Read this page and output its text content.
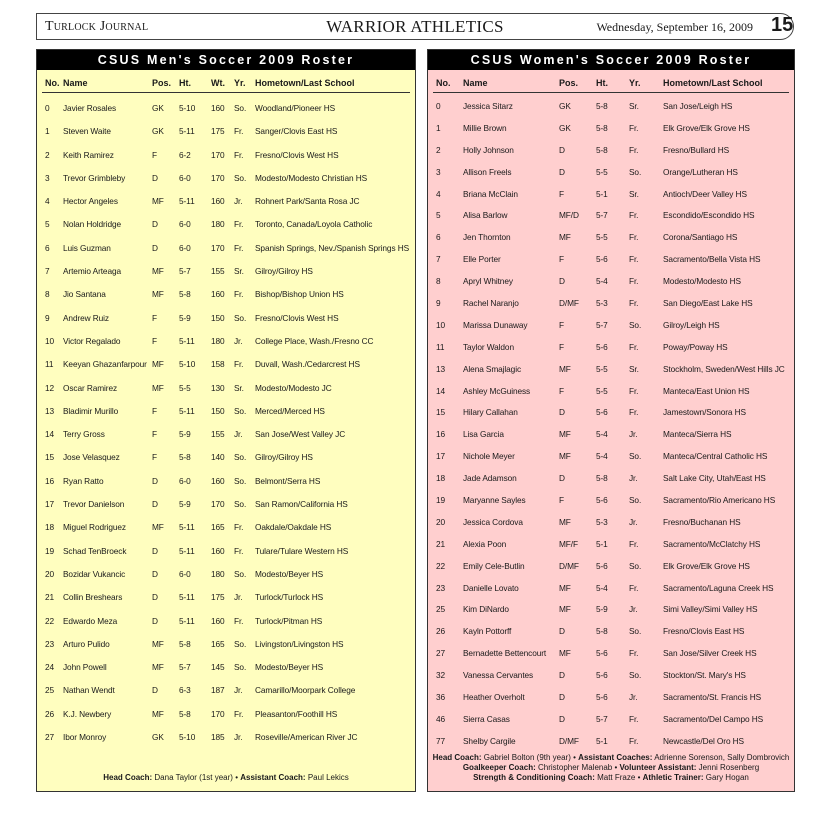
Turlock Journal	WARRIOR ATHLETICS	Wednesday, September 16, 2009 15
CSUS Men's Soccer 2009 Roster
No. Name	Pos. Ht. Wt. Yr. Hometown/Last School
0 Javier Rosales	GK 5-10 160 So. Woodland/Pioneer HS
1 Steven Waite	GK 5-11 175 Fr. Sanger/Clovis East HS
2 Keith Ramirez	F	6-2 170 Fr. Fresno/Clovis West HS
3 Trevor Grimbleby	D	6-0 170 So. Modesto/Modesto Christian HS
4 Hector Angeles	MF 5-11 160 Jr. Rohnert Park/Santa Rosa JC
5 Nolan Holdridge	D	6-0 180 Fr. Toronto, Canada/Loyola Catholic
6 Luis Guzman	D	6-0 170 Fr. Spanish Springs, Nev./Spanish Springs HS
7 Artemio Arteaga	MF 5-7 155 Sr. Gilroy/Gilroy HS
8 Jio Santana	MF 5-8 160 Fr. Bishop/Bishop Union HS
9 Andrew Ruiz	F	5-9 150 So. Fresno/Clovis West HS
10 Victor Regalado	F	5-11 180 Jr. College Place, Wash./Fresno CC
11 Keeyan Ghazanfarpour MF 5-10 158 Fr. Duvall, Wash./Cedarcrest HS
12 Oscar Ramirez	MF 5-5 130 Sr. Modesto/Modesto JC
13 Bladimir Murillo	F	5-11 150 So. Merced/Merced HS
14 Terry Gross	F	5-9 155 Jr. San Jose/West Valley JC
15 Jose Velasquez	F	5-8 140 So. Gilroy/Gilroy HS
16 Ryan Ratto	D	6-0 160 So. Belmont/Serra HS
17 Trevor Danielson	D	5-9 170 So. San Ramon/California HS
18 Miguel Rodriguez	MF 5-11 165 Fr. Oakdale/Oakdale HS
19 Schad TenBroeck	D	5-11 160 Fr. Tulare/Tulare Western HS
20 Bozidar Vukancic	D	6-0 180 So. Modesto/Beyer HS
21 Collin Breshears	D	5-11 175 Jr. Turlock/Turlock HS
22 Edwardo Meza	D	5-11 160 Fr. Turlock/Pitman HS
23 Arturo Pulido	MF 5-8 165 So. Livingston/Livingston HS
24 John Powell	MF 5-7 145 So. Modesto/Beyer HS
25 Nathan Wendt	D	6-3 187 Jr. Camarillo/Moorpark College
26 K.J. Newbery	MF 5-8 170 Fr. Pleasanton/Foothill HS
27 Ibor Monroy	GK 5-10 185 Jr. Roseville/American River JC
Head Coach: Dana Taylor (1st year) • Assistant Coach: Paul Lekics
CSUS Women's Soccer 2009 Roster
No. Name	Pos. Ht. Yr. Hometown/Last School
0	Jessica Sitarz	GK	5-8	Sr.	San Jose/Leigh HS
1	Millie Brown	GK	5-8	Fr.	Elk Grove/Elk Grove HS
2	Holly Johnson	D	5-8	Fr.	Fresno/Bullard HS
3	Allison Freels	D	5-5	So.	Orange/Lutheran HS
4	Briana McClain	F	5-1	Sr.	Antioch/Deer Valley HS
5	Alisa Barlow	MF/D 5-7	Fr.	Escondido/Escondido HS
6	Jen Thornton	MF	5-5	Fr.	Corona/Santiago HS
7	Elle Porter	F	5-6	Fr.	Sacramento/Bella Vista HS
8	Apryl Whitney	D	5-4	Fr.	Modesto/Modesto HS
9	Rachel Naranjo	D/MF 5-3	Fr.	San Diego/East Lake HS
10 Marissa Dunaway	F	5-7	So.	Gilroy/Leigh HS
11 Taylor Waldon	F	5-6	Fr.	Poway/Poway HS
13 Alena Smajlagic	MF	5-5	Sr.	Stockholm, Sweden/West Hills JC
14 Ashley McGuiness	F	5-5	Fr.	Manteca/East Union HS
15 Hilary Callahan	D	5-6	Fr.	Jamestown/Sonora HS
16 Lisa Garcia	MF	5-4	Jr.	Manteca/Sierra HS
17 Nichole Meyer	MF	5-4	So.	Manteca/Central Catholic HS
18 Jade Adamson	D	5-8	Jr.	Salt Lake City, Utah/East HS
19 Maryanne Sayles	F	5-6	So.	Sacramento/Rio Americano HS
20 Jessica Cordova	MF	5-3	Jr.	Fresno/Buchanan HS
21 Alexia Poon	MF/F 5-1	Fr.	Sacramento/McClatchy HS
22 Emily Cele-Butlin	D/MF 5-6	So.	Elk Grove/Elk Grove HS
23 Danielle Lovato	MF	5-4	Fr.	Sacramento/Laguna Creek HS
25 Kim DiNardo	MF	5-9	Jr.	Simi Valley/Simi Valley HS
26 Kayln Pottorff	D	5-8	So.	Fresno/Clovis East HS
27 Bernadette Bettencourt MF	5-6	Fr.	San Jose/Silver Creek HS
32 Vanessa Cervantes	D	5-6	So.	Stockton/St. Mary's HS
36 Heather Overholt	D	5-6	Jr.	Sacramento/St. Francis HS
46 Sierra Casas	D	5-7	Fr.	Sacramento/Del Campo HS
77 Shelby Cargile	D/MF 5-1	Fr.	Newcastle/Del Oro HS
Head Coach: Gabriel Bolton (9th year) • Assistant Coaches: Adrienne Sorenson, Sally Dombrovich
Goalkeeper Coach: Christopher Malenab • Volunteer Assistant: Jenni Rosenberg
Strength & Conditioning Coach: Matt Fraze • Athletic Trainer: Gary Hogan
